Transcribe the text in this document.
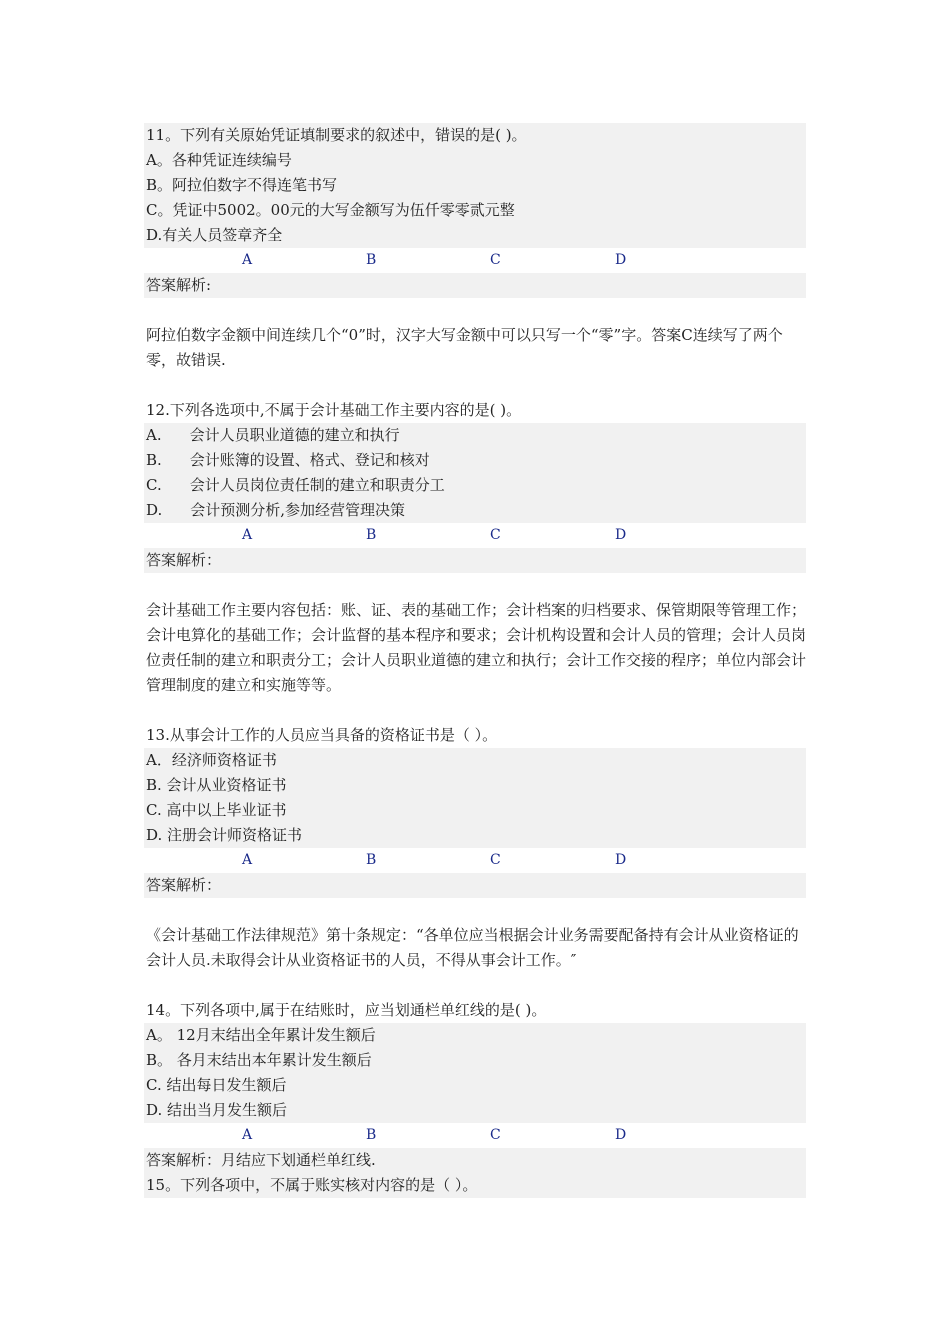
11。下列有关原始凭证填制要求的叙述中，错误的是( )。
A。各种凭证连续编号
B。阿拉伯数字不得连笔书写
C。凭证中5002。00元的大写金额写为伍仟零零贰元整
D.有关人员签章齐全
A	B	C	D
答案解析:
阿拉伯数字金额中间连续几个“0”时，汉字大写金额中可以只写一个“零”字。答案C连续写了两个零，故错误.
12.下列各选项中,不属于会计基础工作主要内容的是( )。
A. 会计人员职业道德的建立和执行
B. 会计账簿的设置、格式、登记和核对
C. 会计人员岗位责任制的建立和职责分工
D. 会计预测分析,参加经营管理决策
A	B	C	D
答案解析：
会计基础工作主要内容包括：账、证、表的基础工作；会计档案的归档要求、保管期限等管理工作；会计电算化的基础工作；会计监督的基本程序和要求；会计机构设置和会计人员的管理；会计人员岗位责任制的建立和职责分工；会计人员职业道德的建立和执行；会计工作交接的程序；单位内部会计管理制度的建立和实施等等。
13.从事会计工作的人员应当具备的资格证书是（ ）。
A．经济师资格证书
B. 会计从业资格证书
C. 高中以上毕业证书
D. 注册会计师资格证书
A	B	C	D
答案解析：
《会计基础工作法律规范》第十条规定：“各单位应当根据会计业务需要配备持有会计从业资格证的会计人员.未取得会计从业资格证书的人员，不得从事会计工作。″
14。下列各项中,属于在结账时，应当划通栏单红线的是( )。
A。 12月末结出全年累计发生额后
B。 各月末结出本年累计发生额后
C. 结出每日发生额后
D. 结出当月发生额后
A	B	C	D
答案解析：月结应下划通栏单红线.
15。下列各项中，不属于账实核对内容的是（ ）。
